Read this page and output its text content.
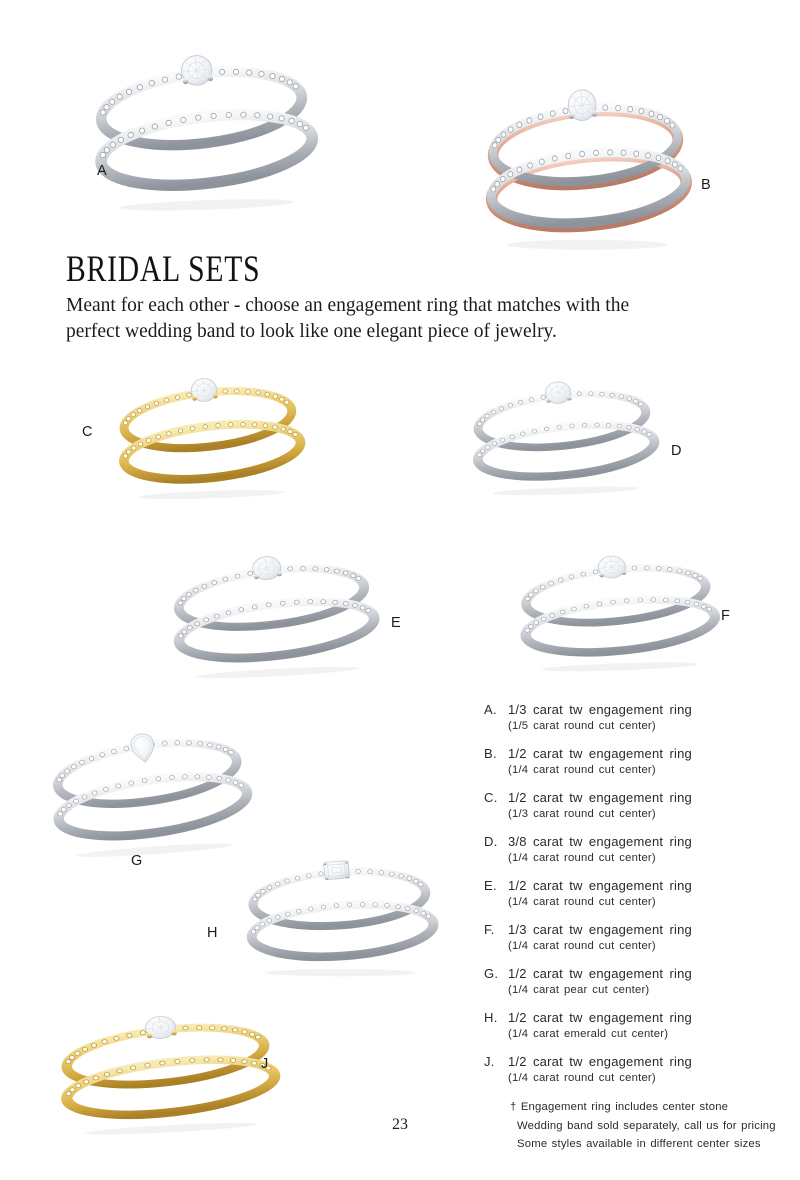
A
B
C
D
E	F
G
H
J
BRIDAL SETS

Meant for each other - choose an engagement ring that matches with the
perfect wedding band to look like one elegant piece of jewelry.

A. 1/3 carat tw engagement ring
(1/5 carat round cut center)
B. 1/2 carat tw engagement ring
(1/4 carat round cut center)
C. 1/2 carat tw engagement ring
(1/3 carat round cut center)
D. 3/8 carat tw engagement ring
(1/4 carat round cut center)
E. 1/2 carat tw engagement ring
(1/4 carat round cut center)
F.	1/3 carat tw engagement ring
(1/4 carat round cut center)
G. 1/2 carat tw engagement ring
(1/4 carat pear cut center)
H. 1/2 carat tw engagement ring
(1/4 carat emerald cut center)
J.	1/2 carat tw engagement ring
(1/4 carat round cut center)
† Engagement ring includes center stone
Wedding band sold separately, call us for pricing
Some styles available in different center sizes
23
